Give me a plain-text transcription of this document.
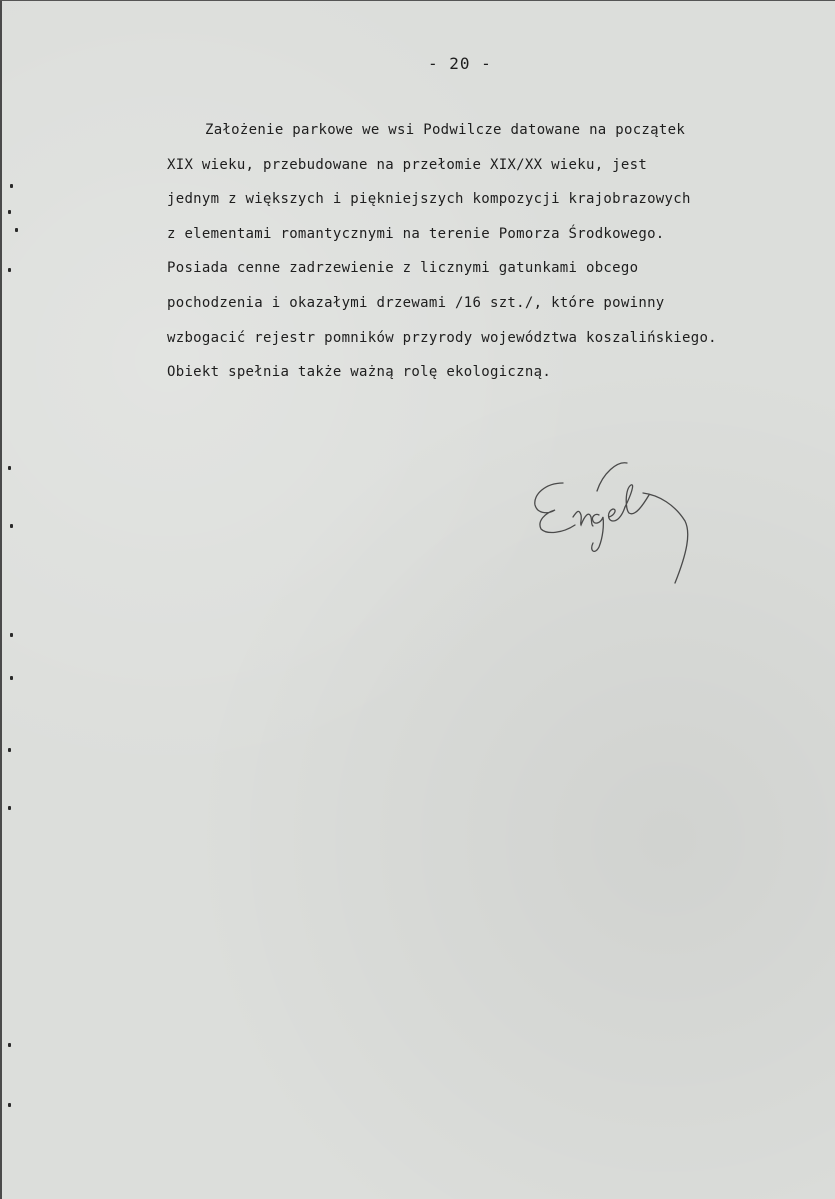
- 20 -
Założenie parkowe we wsi Podwilcze datowane na początek
XIX wieku, przebudowane na przełomie XIX/XX wieku, jest
jednym z większych i piękniejszych kompozycji krajobrazowych
z elementami romantycznymi na terenie Pomorza Środkowego.
Posiada cenne zadrzewienie z licznymi gatunkami obcego
pochodzenia i okazałymi drzewami /16 szt./, które powinny
wzbogacić rejestr pomników przyrody województwa koszalińskiego.
Obiekt spełnia także ważną rolę ekologiczną.
